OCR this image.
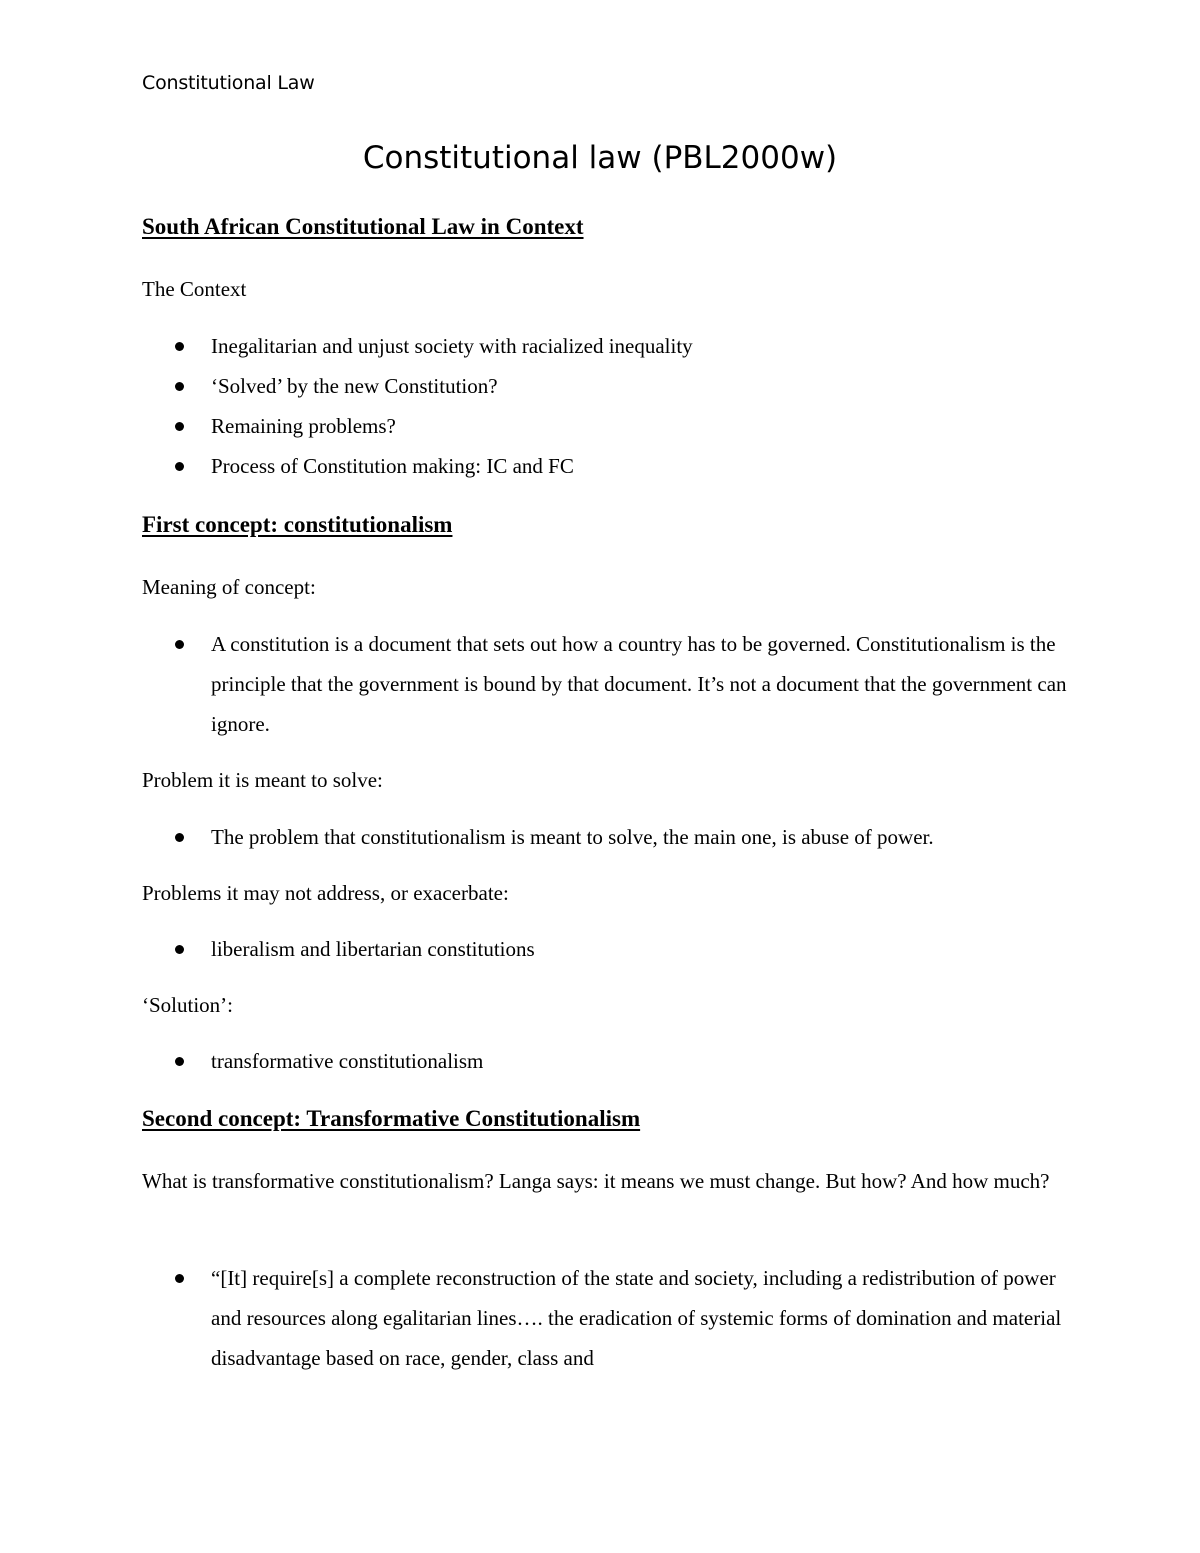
Constitutional Law
Constitutional law (PBL2000w)
South African Constitutional Law in Context

The Context

Inegalitarian and unjust society with racialized inequality
‘Solved’ by the new Constitution?
Remaining problems?
Process of Constitution making: IC and FC
First concept: constitutionalism

Meaning of concept:

A constitution is a document that sets out how a country has to be governed. Constitutionalism is the principle that the government is bound by that document. It’s not a document that the government can ignore.

Problem it is meant to solve:

The problem that constitutionalism is meant to solve, the main one, is abuse of power.

Problems it may not address, or exacerbate:

liberalism and libertarian constitutions

‘Solution’:

transformative constitutionalism
Second concept: Transformative Constitutionalism

What is transformative constitutionalism? Langa says: it means we must change. But how? And how much?

“[It] require[s] a complete reconstruction of the state and society, including a redistribution of power and resources along egalitarian lines…. the eradication of systemic forms of domination and material disadvantage based on race, gender, class and
